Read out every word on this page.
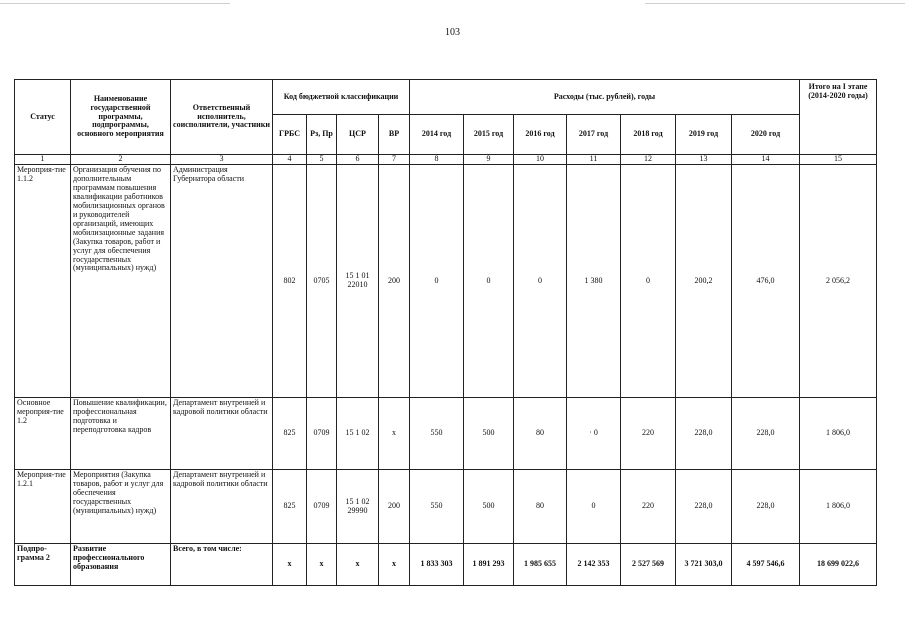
103
Статус	Наименование государственной программы, подпрограммы, основного мероприятия	Ответственный исполнитель, соисполнители, участники	Код бюджетной классификации				Расходы (тыс. рублей), годы							Итого на I этапе (2014-2020 годы)
			ГРБС	Рз, Пр	ЦСР	ВР	2014 год	2015 год	2016 год	2017 год	2018 год	2019 год	2020 год	
1	2	3	4	5	6	7	8	9	10	11	12	13	14	15
Мероприя-тие 1.1.2	Организация обучения по дополнительным программам повышения квалификации работников мобилизационных органов и руководителей организаций, имеющих мобилизационные задания (Закупка товаров, работ и услуг для обеспечения государственных (муниципальных) нужд)	Администрация Губернатора области	802	0705	15 1 01 22010	200	0	0	0	1 380	0	200,2	476,0	2 056,2
Основное мероприя-тие 1.2	Повышение квалификации, профессиональная подготовка и переподготовка кадров	Департамент внутренней и кадровой политики области	825	0709	15 1 02	х	550	500	80	· 0	220	228,0	228,0	1 806,0
Мероприя-тие 1.2.1	Мероприятия (Закупка товаров, работ и услуг для обеспечения государственных (муниципальных) нужд)	Департамент внутренней и кадровой политики области	825	0709	15 1 02 29990	200	550	500	80	0	220	228,0	228,0	1 806,0
Подпро-грамма 2	Развитие профессионального образования	Всего, в том числе:	х	х	х	х	1 833 303	1 891 293	1 985 655	2 142 353	2 527 569	3 721 303,0	4 597 546,6	18 699 022,6
